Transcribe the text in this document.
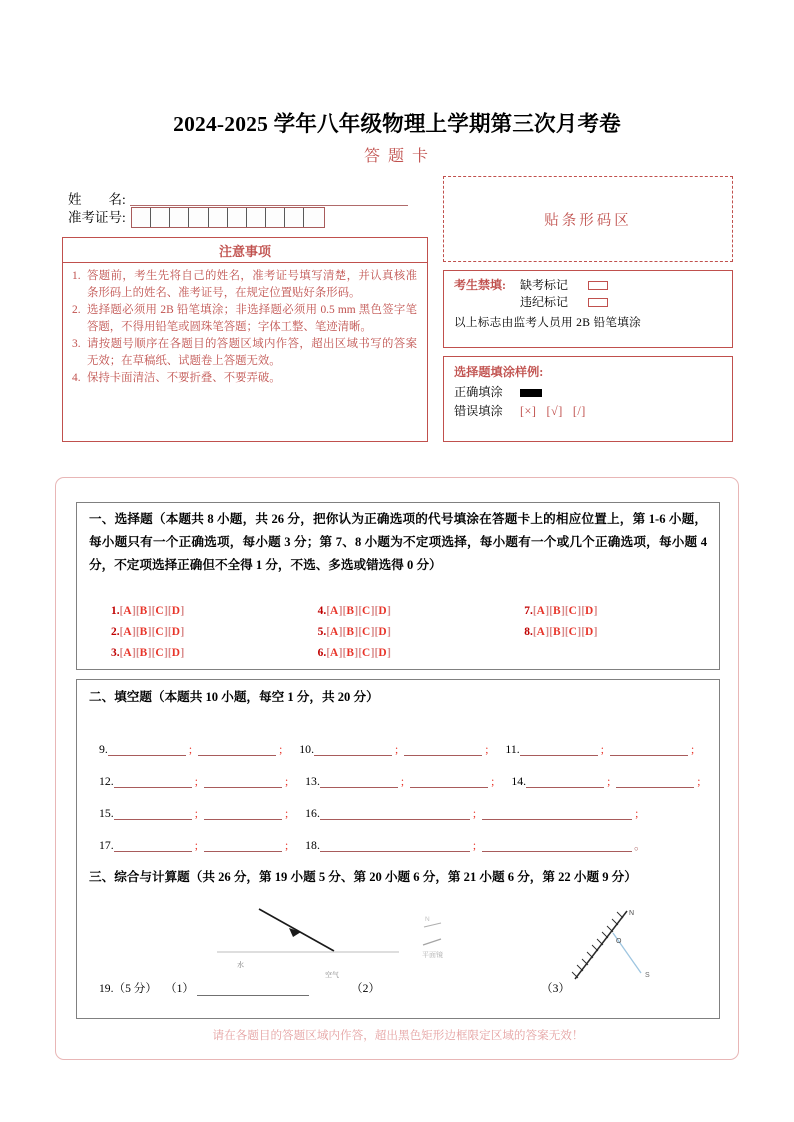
2024-2025 学年八年级物理上学期第三次月考卷
答 题 卡
姓　　名:
准考证号:	贴条形码区
注意事项
1. 答题前，考生先将自己的姓名，准考证号填写清楚，并认真核准条形码上的姓名、准考证号，在规定位置贴好条形码。
2. 选择题必须用 2B 铅笔填涂；非选择题必须用 0.5 mm 黑色签字笔答题，不得用铅笔或圆珠笔答题；字体工整、笔迹清晰。
3. 请按题号顺序在各题目的答题区域内作答，超出区域书写的答案无效；在草稿纸、试题卷上答题无效。
4. 保持卡面清洁、不要折叠、不要弄破。
考生禁填:	缺考标记
违纪标记
以上标志由监考人员用 2B 铅笔填涂
选择题填涂样例:
正确填涂
错误填涂	[×] [√] [/]
一、选择题（本题共 8 小题，共 26 分，把你认为正确选项的代号填涂在答题卡上的相应位置上，第 1-6 小题，每小题只有一个正确选项，每小题 3 分；第 7、8 小题为不定项选择，每小题有一个或几个正确选项，每小题 4 分，不定项选择正确但不全得 1 分，不选、多选或错选得 0 分）
1.[A][B][C][D]	4.[A][B][C][D]	7.[A][B][C][D]
2.[A][B][C][D]	5.[A][B][C][D]	8.[A][B][C][D]
3.[A][B][C][D]	6.[A][B][C][D]
二、填空题（本题共 10 小题，每空 1 分，共 20 分）
9.	;	; 10.	;	; 11.	;	;
12.	;	; 13.	;	; 14.	;	;
15.	;	; 16.	;	;
17.	;	; 18.	;	。
三、综合与计算题（共 26 分，第 19 小题 5 分、第 20 小题 6 分，第 21 小题 6 分，第 22 小题 9 分）
水
空气
N
平面镜
N
O
S
19.（5 分） （1）	（2）	（3）
请在各题目的答题区域内作答，超出黑色矩形边框限定区域的答案无效！
